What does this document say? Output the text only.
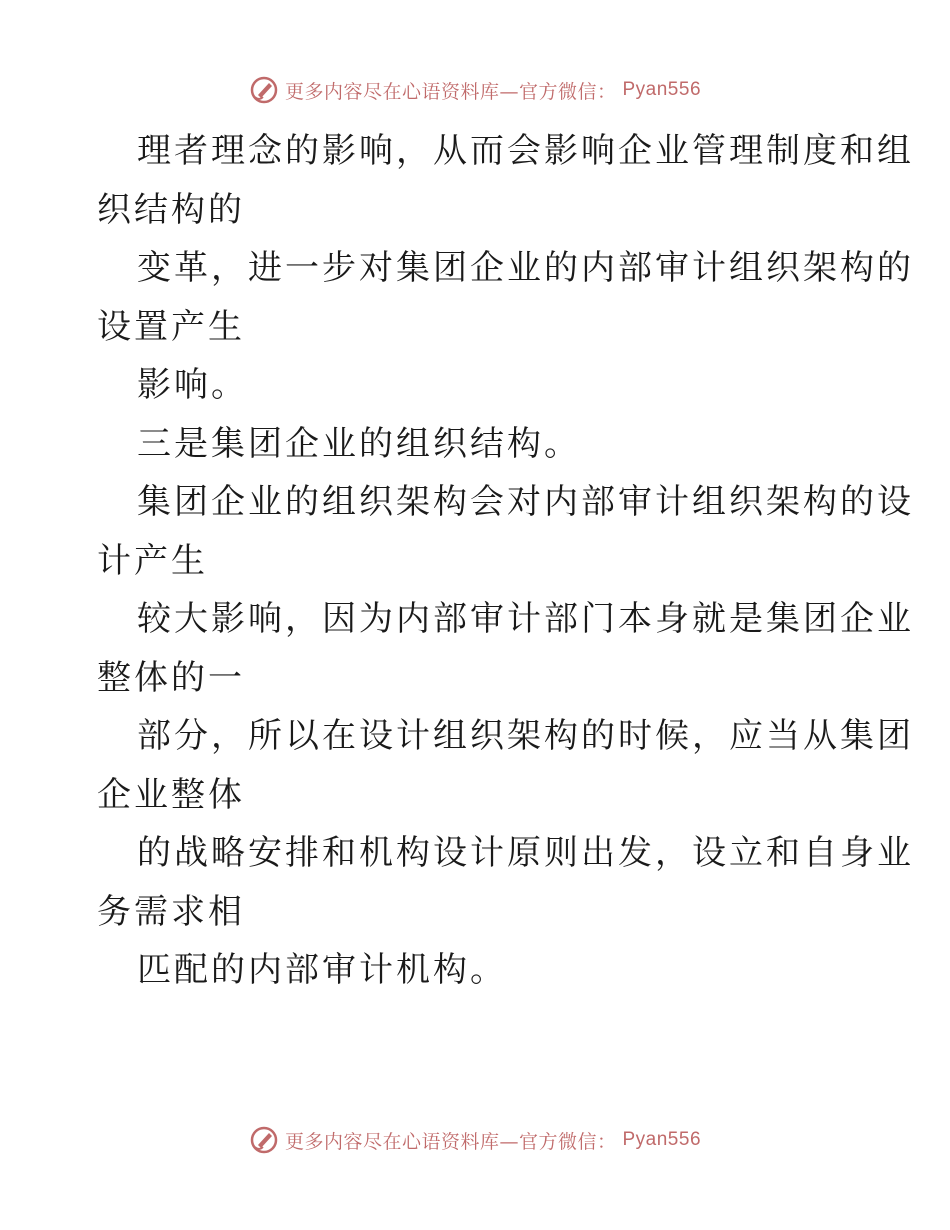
更多内容尽在心语资料库—官方微信： Pyan556
理者理念的影响，从而会影响企业管理制度和组
织结构的
变革，进一步对集团企业的内部审计组织架构的
设置产生
影响。
三是集团企业的组织结构。
集团企业的组织架构会对内部审计组织架构的设
计产生
较大影响，因为内部审计部门本身就是集团企业
整体的一
部分，所以在设计组织架构的时候，应当从集团
企业整体
的战略安排和机构设计原则出发，设立和自身业
务需求相
匹配的内部审计机构。
更多内容尽在心语资料库—官方微信： Pyan556
